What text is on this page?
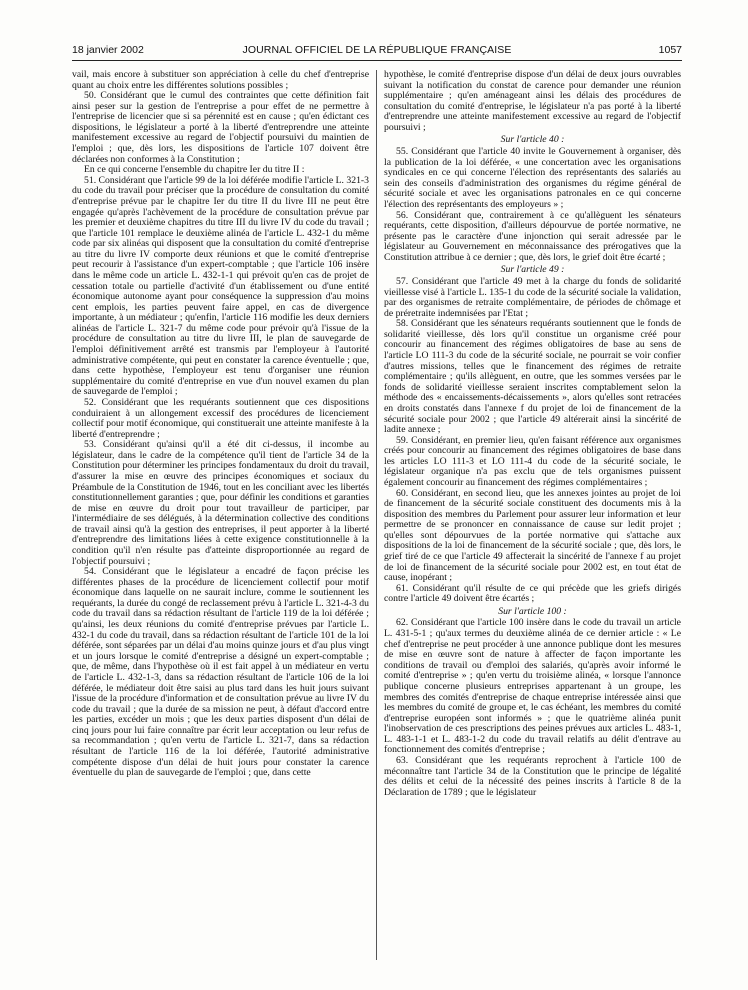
18 janvier 2002	JOURNAL OFFICIEL DE LA RÉPUBLIQUE FRANÇAISE	1057

vail, mais encore à substituer son appréciation à celle du chef d'entreprise quant au choix entre les différentes solutions possibles ;

50. Considérant que le cumul des contraintes que cette définition fait ainsi peser sur la gestion de l'entreprise a pour effet de ne permettre à l'entreprise de licencier que si sa pérennité est en cause ; qu'en édictant ces dispositions, le législateur a porté à la liberté d'entreprendre une atteinte manifestement excessive au regard de l'objectif poursuivi du maintien de l'emploi ; que, dès lors, les dispositions de l'article 107 doivent être déclarées non conformes à la Constitution ;

En ce qui concerne l'ensemble du chapitre Ier du titre II :

51. Considérant que l'article 99 de la loi déférée modifie l'article L. 321-3 du code du travail pour préciser que la procédure de consultation du comité d'entreprise prévue par le chapitre Ier du titre II du livre III ne peut être engagée qu'après l'achèvement de la procédure de consultation prévue par les premier et deuxième chapitres du titre III du livre IV du code du travail ; que l'article 101 remplace le deuxième alinéa de l'article L. 432-1 du même code par six alinéas qui disposent que la consultation du comité d'entreprise au titre du livre IV comporte deux réunions et que le comité d'entreprise peut recourir à l'assistance d'un expert-comptable ; que l'article 106 insère dans le même code un article L. 432-1-1 qui prévoit qu'en cas de projet de cessation totale ou partielle d'activité d'un établissement ou d'une entité économique autonome ayant pour conséquence la suppression d'au moins cent emplois, les parties peuvent faire appel, en cas de divergence importante, à un médiateur ; qu'enfin, l'article 116 modifie les deux derniers alinéas de l'article L. 321-7 du même code pour prévoir qu'à l'issue de la procédure de consultation au titre du livre III, le plan de sauvegarde de l'emploi définitivement arrêté est transmis par l'employeur à l'autorité administrative compétente, qui peut en constater la carence éventuelle ; que, dans cette hypothèse, l'employeur est tenu d'organiser une réunion supplémentaire du comité d'entreprise en vue d'un nouvel examen du plan de sauvegarde de l'emploi ;

52. Considérant que les requérants soutiennent que ces dispositions conduiraient à un allongement excessif des procédures de licenciement collectif pour motif économique, qui constituerait une atteinte manifeste à la liberté d'entreprendre ;

53. Considérant qu'ainsi qu'il a été dit ci-dessus, il incombe au législateur, dans le cadre de la compétence qu'il tient de l'article 34 de la Constitution pour déterminer les principes fondamentaux du droit du travail, d'assurer la mise en œuvre des principes économiques et sociaux du Préambule de la Constitution de 1946, tout en les conciliant avec les libertés constitutionnellement garanties ; que, pour définir les conditions et garanties de mise en œuvre du droit pour tout travailleur de participer, par l'intermédiaire de ses délégués, à la détermination collective des conditions de travail ainsi qu'à la gestion des entreprises, il peut apporter à la liberté d'entreprendre des limitations liées à cette exigence constitutionnelle à la condition qu'il n'en résulte pas d'atteinte disproportionnée au regard de l'objectif poursuivi ;

54. Considérant que le législateur a encadré de façon précise les différentes phases de la procédure de licenciement collectif pour motif économique dans laquelle on ne saurait inclure, comme le soutiennent les requérants, la durée du congé de reclassement prévu à l'article L. 321-4-3 du code du travail dans sa rédaction résultant de l'article 119 de la loi déférée ; qu'ainsi, les deux réunions du comité d'entreprise prévues par l'article L. 432-1 du code du travail, dans sa rédaction résultant de l'article 101 de la loi déférée, sont séparées par un délai d'au moins quinze jours et d'au plus vingt et un jours lorsque le comité d'entreprise a désigné un expert-comptable ; que, de même, dans l'hypothèse où il est fait appel à un médiateur en vertu de l'article L. 432-1-3, dans sa rédaction résultant de l'article 106 de la loi déférée, le médiateur doit être saisi au plus tard dans les huit jours suivant l'issue de la procédure d'information et de consultation prévue au livre IV du code du travail ; que la durée de sa mission ne peut, à défaut d'accord entre les parties, excéder un mois ; que les deux parties disposent d'un délai de cinq jours pour lui faire connaître par écrit leur acceptation ou leur refus de sa recommandation ; qu'en vertu de l'article L. 321-7, dans sa rédaction résultant de l'article 116 de la loi déférée, l'autorité administrative compétente dispose d'un délai de huit jours pour constater la carence éventuelle du plan de sauvegarde de l'emploi ; que, dans cette

hypothèse, le comité d'entreprise dispose d'un délai de deux jours ouvrables suivant la notification du constat de carence pour demander une réunion supplémentaire ; qu'en aménageant ainsi les délais des procédures de consultation du comité d'entreprise, le législateur n'a pas porté à la liberté d'entreprendre une atteinte manifestement excessive au regard de l'objectif poursuivi ;

Sur l'article 40 :

55. Considérant que l'article 40 invite le Gouvernement à organiser, dès la publication de la loi déférée, « une concertation avec les organisations syndicales en ce qui concerne l'élection des représentants des salariés au sein des conseils d'administration des organismes du régime général de sécurité sociale et avec les organisations patronales en ce qui concerne l'élection des représentants des employeurs » ;

56. Considérant que, contrairement à ce qu'allèguent les sénateurs requérants, cette disposition, d'ailleurs dépourvue de portée normative, ne présente pas le caractère d'une injonction qui serait adressée par le législateur au Gouvernement en méconnaissance des prérogatives que la Constitution attribue à ce dernier ; que, dès lors, le grief doit être écarté ;

Sur l'article 49 :

57. Considérant que l'article 49 met à la charge du fonds de solidarité vieillesse visé à l'article L. 135-1 du code de la sécurité sociale la validation, par des organismes de retraite complémentaire, de périodes de chômage et de préretraite indemnisées par l'Etat ;

58. Considérant que les sénateurs requérants soutiennent que le fonds de solidarité vieillesse, dès lors qu'il constitue un organisme créé pour concourir au financement des régimes obligatoires de base au sens de l'article LO 111-3 du code de la sécurité sociale, ne pourrait se voir confier d'autres missions, telles que le financement des régimes de retraite complémentaire ; qu'ils allèguent, en outre, que les sommes versées par le fonds de solidarité vieillesse seraient inscrites comptablement selon la méthode des « encaissements-décaissements », alors qu'elles sont retracées en droits constatés dans l'annexe f du projet de loi de financement de la sécurité sociale pour 2002 ; que l'article 49 altérerait ainsi la sincérité de ladite annexe ;

59. Considérant, en premier lieu, qu'en faisant référence aux organismes créés pour concourir au financement des régimes obligatoires de base dans les articles LO 111-3 et LO 111-4 du code de la sécurité sociale, le législateur organique n'a pas exclu que de tels organismes puissent également concourir au financement des régimes complémentaires ;

60. Considérant, en second lieu, que les annexes jointes au projet de loi de financement de la sécurité sociale constituent des documents mis à la disposition des membres du Parlement pour assurer leur information et leur permettre de se prononcer en connaissance de cause sur ledit projet ; qu'elles sont dépourvues de la portée normative qui s'attache aux dispositions de la loi de financement de la sécurité sociale ; que, dès lors, le grief tiré de ce que l'article 49 affecterait la sincérité de l'annexe f au projet de loi de financement de la sécurité sociale pour 2002 est, en tout état de cause, inopérant ;

61. Considérant qu'il résulte de ce qui précède que les griefs dirigés contre l'article 49 doivent être écartés ;

Sur l'article 100 :

62. Considérant que l'article 100 insère dans le code du travail un article L. 431-5-1 ; qu'aux termes du deuxième alinéa de ce dernier article : « Le chef d'entreprise ne peut procéder à une annonce publique dont les mesures de mise en œuvre sont de nature à affecter de façon importante les conditions de travail ou d'emploi des salariés, qu'après avoir informé le comité d'entreprise » ; qu'en vertu du troisième alinéa, « lorsque l'annonce publique concerne plusieurs entreprises appartenant à un groupe, les membres des comités d'entreprise de chaque entreprise intéressée ainsi que les membres du comité de groupe et, le cas échéant, les membres du comité d'entreprise européen sont informés » ; que le quatrième alinéa punit l'inobservation de ces prescriptions des peines prévues aux articles L. 483-1, L. 483-1-1 et L. 483-1-2 du code du travail relatifs au délit d'entrave au fonctionnement des comités d'entreprise ;

63. Considérant que les requérants reprochent à l'article 100 de méconnaître tant l'article 34 de la Constitution que le principe de légalité des délits et celui de la nécessité des peines inscrits à l'article 8 de la Déclaration de 1789 ; que le législateur
